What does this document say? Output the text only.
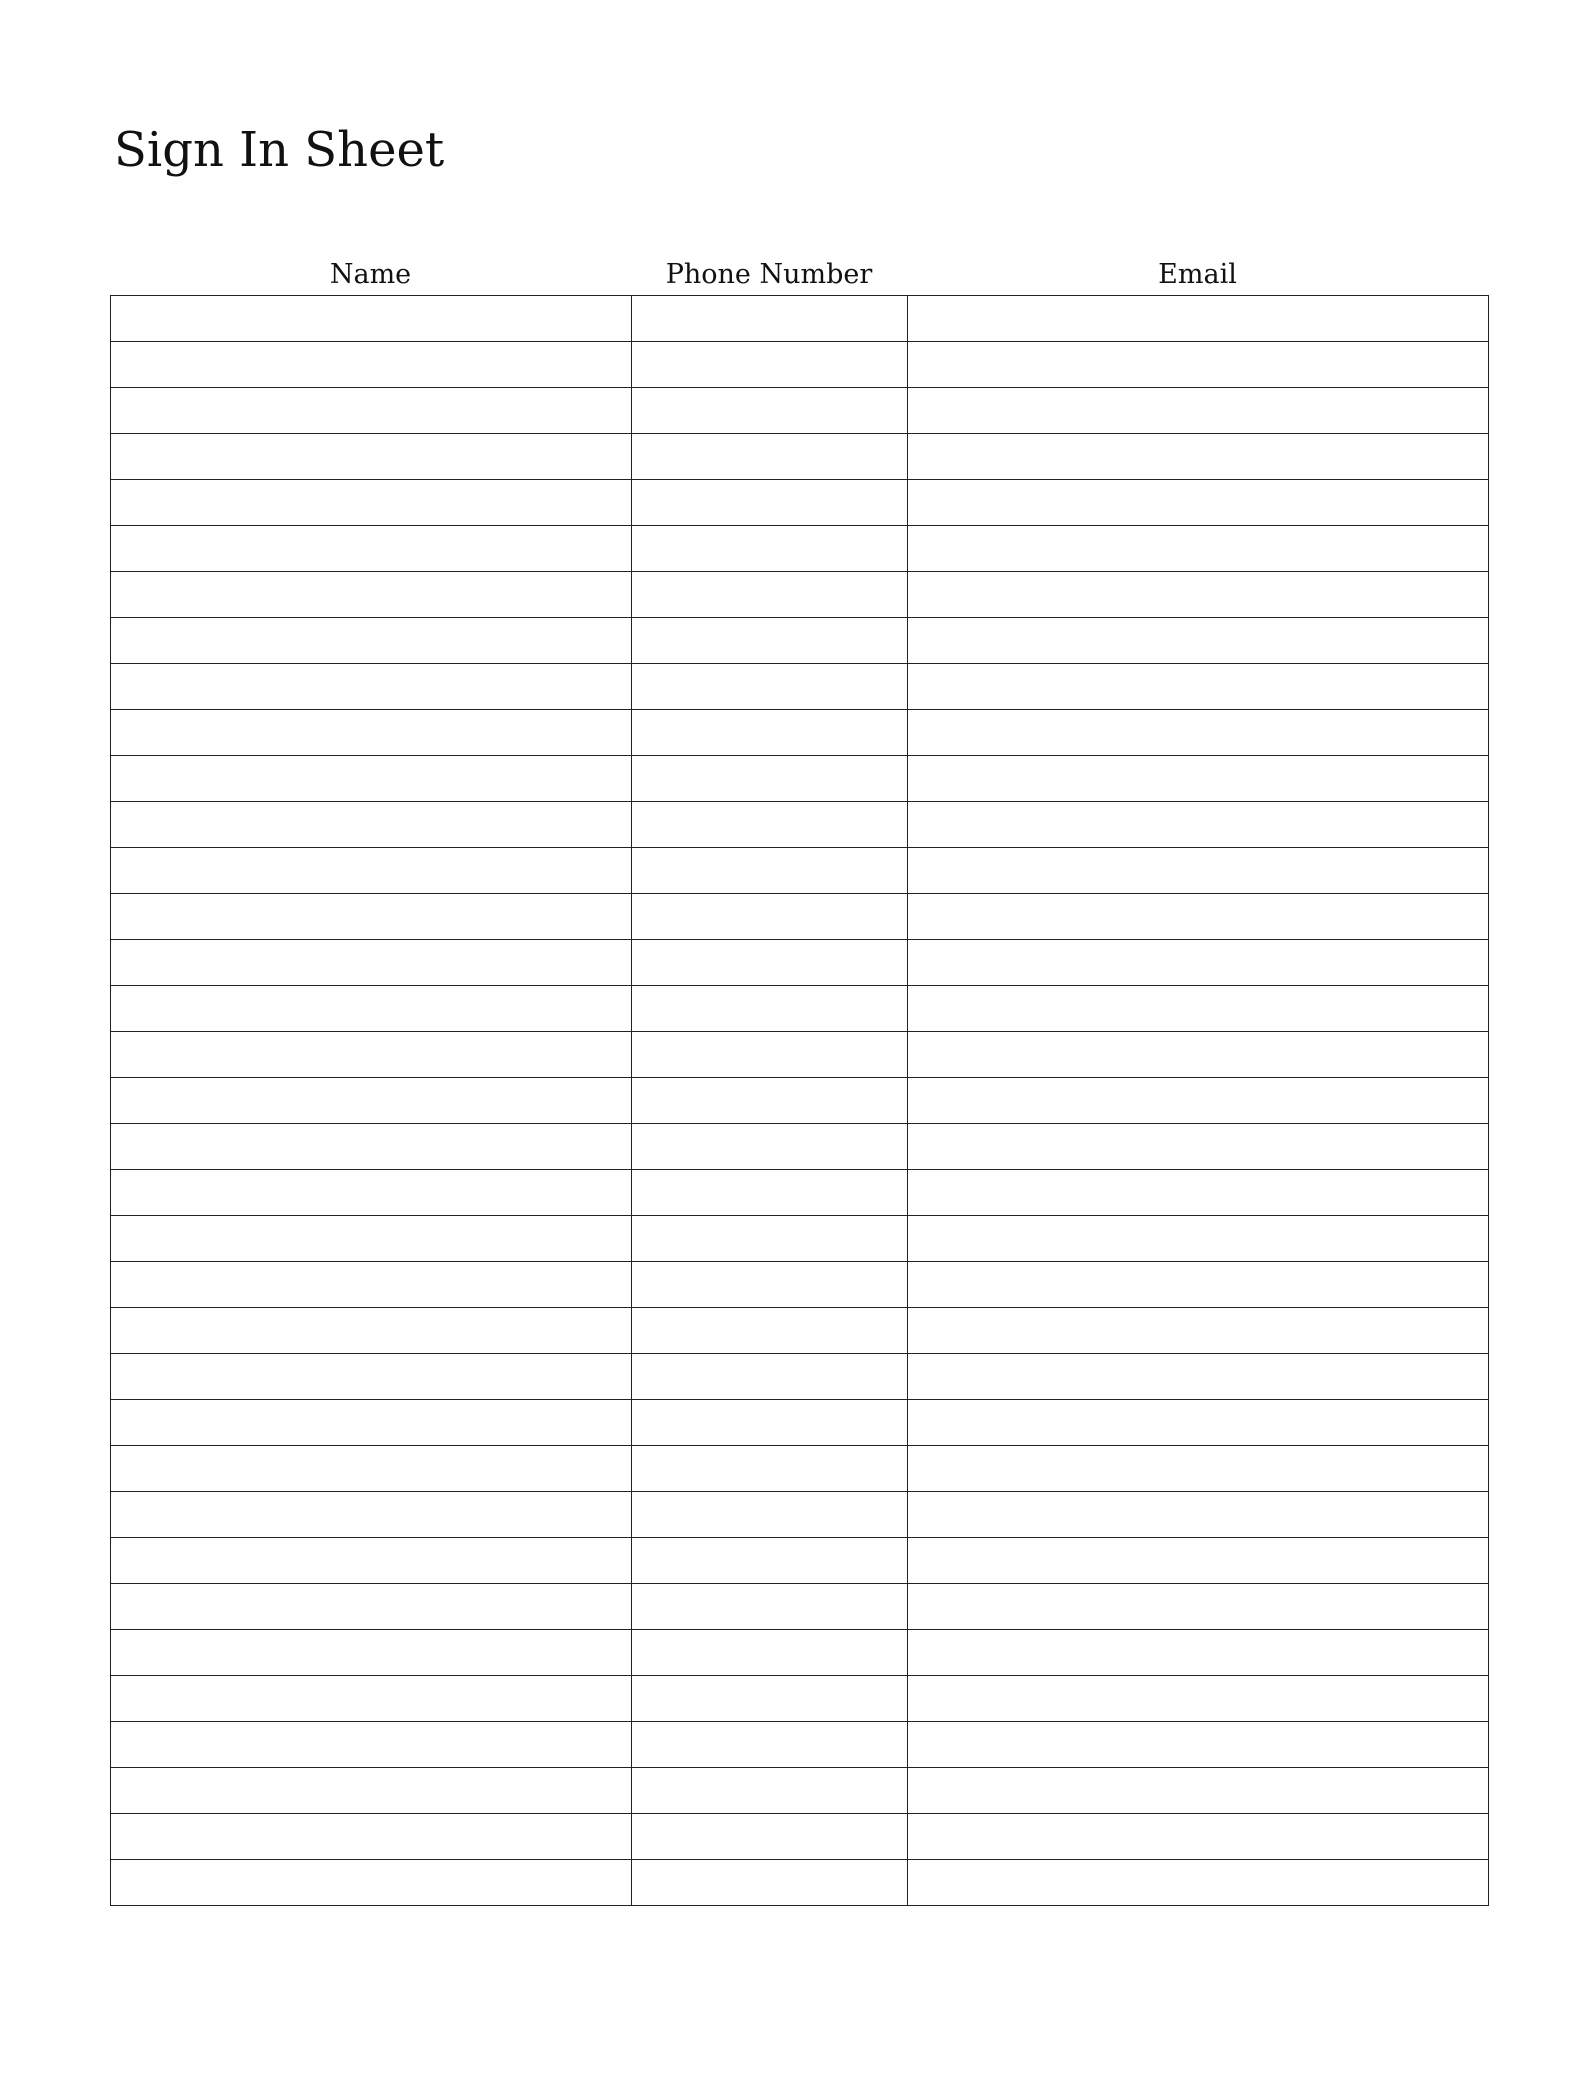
Sign In Sheet
Name	Phone Number	Email
